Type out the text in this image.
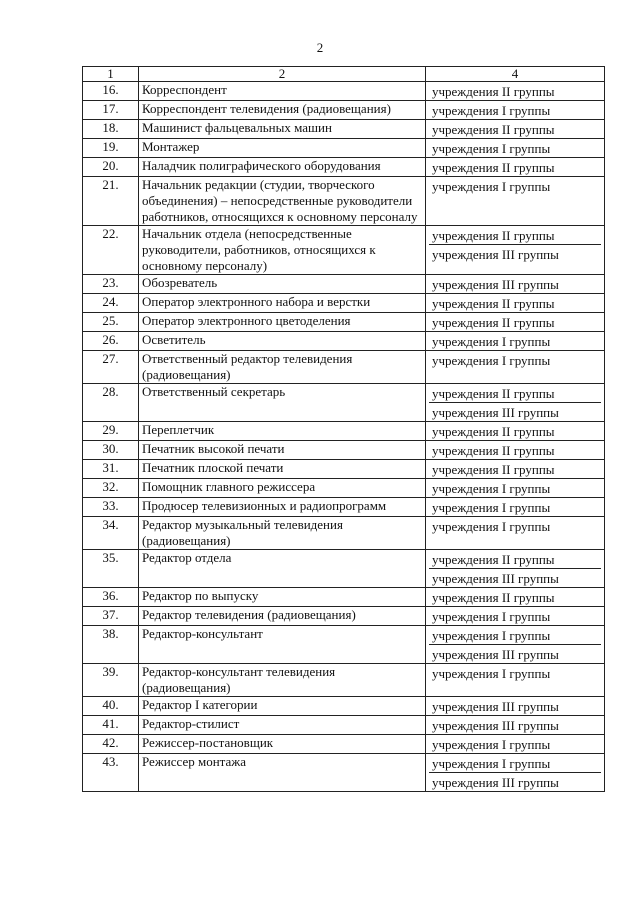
2
1	2	4
16.	Корреспондент	учреждения II группы

17.	Корреспондент телевидения (радиовещания)	учреждения I группы

18.	Машинист фальцевальных машин	учреждения II группы

19.	Монтажер	учреждения I группы

20.	Наладчик полиграфического оборудования	учреждения II группы

21.	Начальник редакции (студии, творческого объединения) – непосредственные руководители работников, относящихся к основному персоналу	учреждения I группы

22.	Начальник отдела (непосредственные руководители, работников, относящихся к основному персоналу)	учреждения II группы
учреждения III группы

23.	Обозреватель	учреждения III группы

24.	Оператор электронного набора и верстки	учреждения II группы

25.	Оператор электронного цветоделения	учреждения II группы

26.	Осветитель	учреждения I группы

27.	Ответственный редактор телевидения (радиовещания)	учреждения I группы

28.	Ответственный секретарь	учреждения II группы
учреждения III группы

29.	Переплетчик	учреждения II группы

30.	Печатник высокой печати	учреждения II группы

31.	Печатник плоской печати	учреждения II группы

32.	Помощник главного режиссера	учреждения I группы

33.	Продюсер телевизионных и радиопрограмм	учреждения I группы

34.	Редактор музыкальный телевидения (радиовещания)	учреждения I группы

35.	Редактор отдела	учреждения II группы
учреждения III группы

36.	Редактор по выпуску	учреждения II группы

37.	Редактор телевидения (радиовещания)	учреждения I группы

38.	Редактор-консультант	учреждения I группы
учреждения III группы

39.	Редактор-консультант телевидения (радиовещания)	учреждения I группы

40.	Редактор I категории	учреждения III группы

41.	Редактор-стилист	учреждения III группы

42.	Режиссер-постановщик	учреждения I группы

43.	Режиссер монтажа	учреждения I группы
учреждения III группы
